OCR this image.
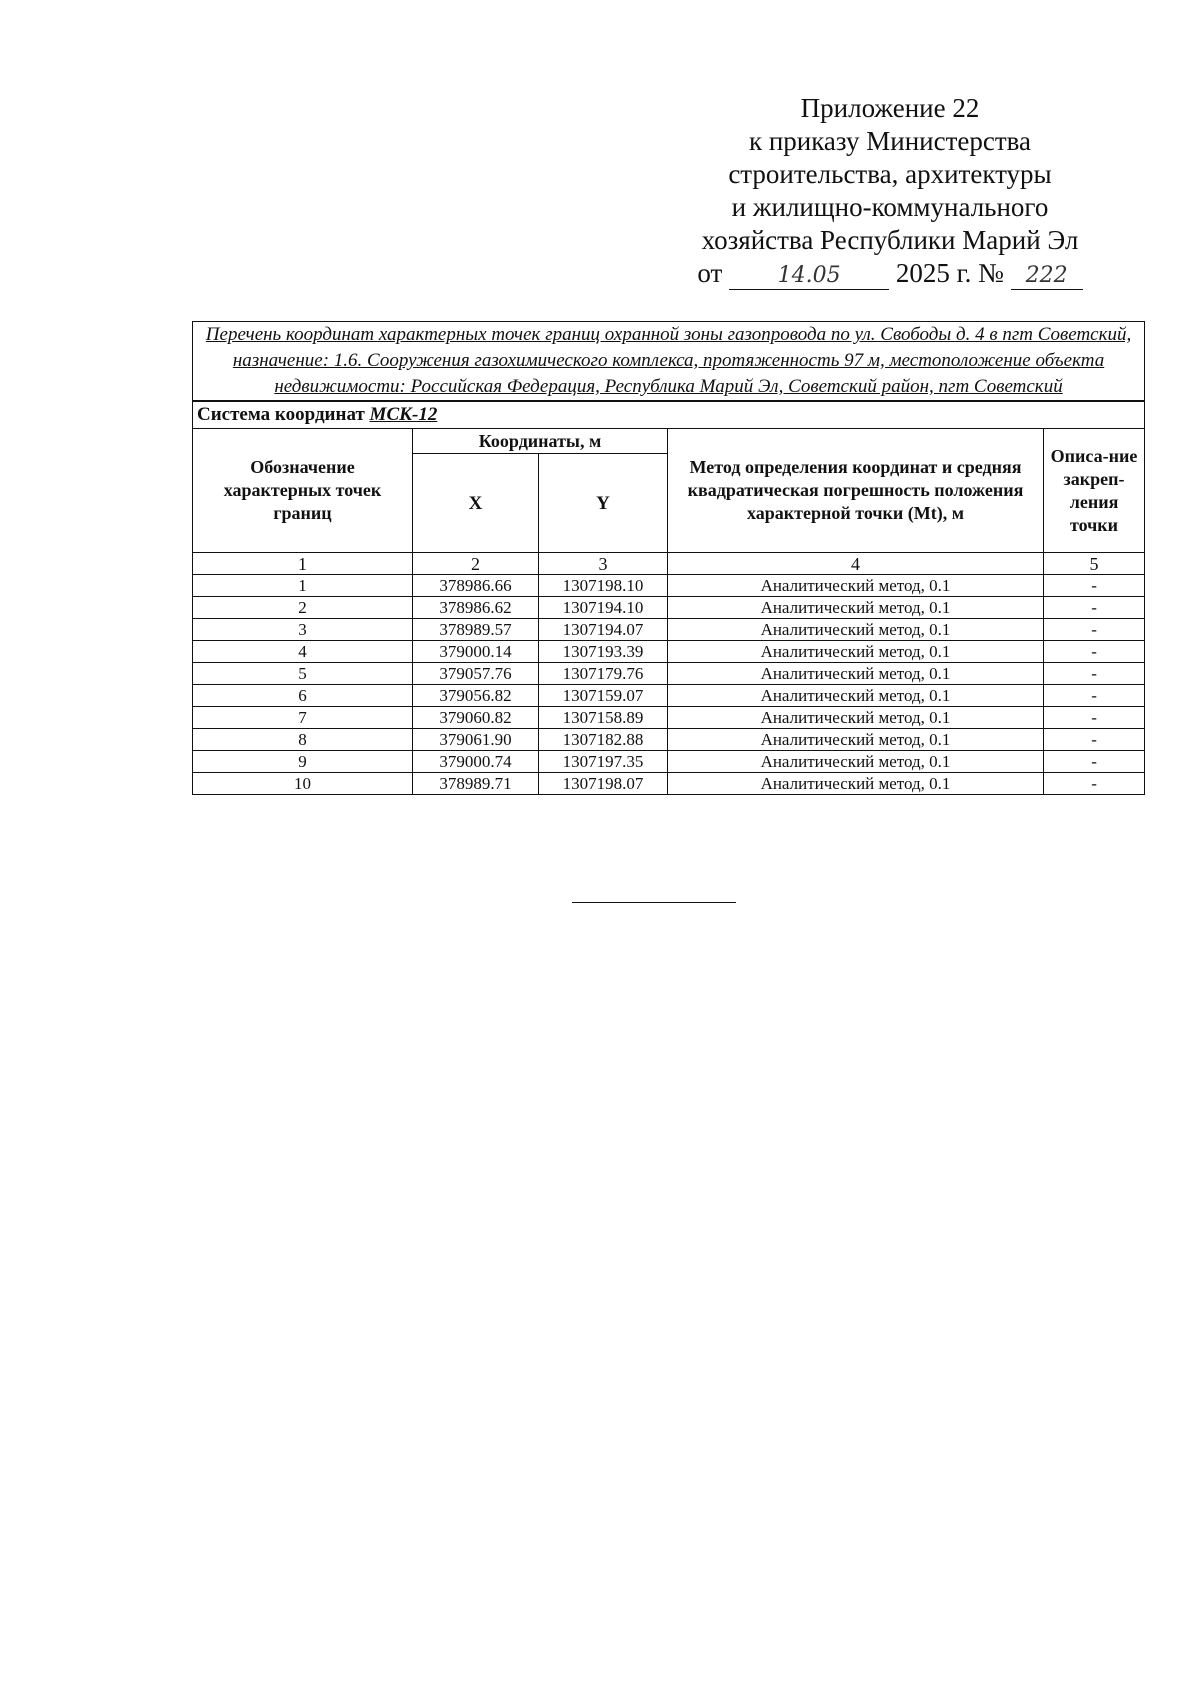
Приложение 22
к приказу Министерства
строительства, архитектуры
и жилищно-коммунального
хозяйства Республики Марий Эл
от	14.05 2025 г. № 222
Перечень координат характерных точек границ охранной зоны газопровода по ул. Свободы д. 4 в пгт Советский, назначение: 1.6. Сооружения газохимического комплекса, протяженность 97 м, местоположение объекта недвижимости: Российская Федерация, Республика Марий Эл, Советский район, пгт Советский				
Система координат МСК-12				
Обозначение характерных точек границ	Координаты, м		Метод определения координат и средняя квадратическая погрешность положения характерной точки (Mt), м	Описа-ние закреп-ления точки
	X	Y		
1	2	3	4	5
1	378986.66	1307198.10	Аналитический метод, 0.1	-
2	378986.62	1307194.10	Аналитический метод, 0.1	-
3	378989.57	1307194.07	Аналитический метод, 0.1	-
4	379000.14	1307193.39	Аналитический метод, 0.1	-
5	379057.76	1307179.76	Аналитический метод, 0.1	-
6	379056.82	1307159.07	Аналитический метод, 0.1	-
7	379060.82	1307158.89	Аналитический метод, 0.1	-
8	379061.90	1307182.88	Аналитический метод, 0.1	-
9	379000.74	1307197.35	Аналитический метод, 0.1	-
10	378989.71	1307198.07	Аналитический метод, 0.1	-
